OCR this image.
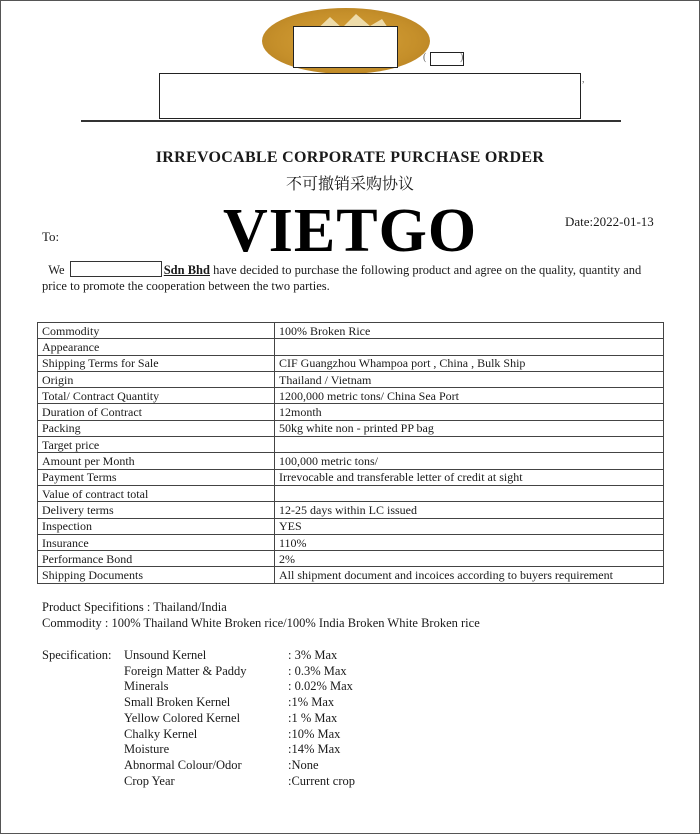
(	)
,
IRREVOCABLE CORPORATE PURCHASE ORDER
不可撤销采购协议
To:
Date:2022-01-13
VIETGO
We	Sdn Bhd have decided to purchase the following product and agree on the quality, quantity and price to promote the cooperation between the two parties.
Commodity	100% Broken Rice
Appearance	
Shipping Terms for Sale	CIF Guangzhou Whampoa port , China , Bulk Ship
Origin	Thailand / Vietnam
Total/ Contract Quantity	1200,000 metric tons/ China Sea Port
Duration of Contract	12month
Packing	50kg white non - printed PP bag
Target price	
Amount per Month	100,000 metric tons/
Payment Terms	Irrevocable and transferable letter of credit at sight
Value of contract total	
Delivery terms	12-25 days within LC issued
Inspection	YES
Insurance	110%
Performance Bond	2%
Shipping Documents	All shipment document and incoices according to buyers requirement
Product Specifitions : Thailand/India
Commodity : 100% Thailand White Broken rice/100% India Broken White Broken rice
Specification: Unsound Kernel	: 3% Max
Foreign Matter & Paddy	: 0.3% Max
Minerals	: 0.02% Max
Small Broken Kernel	:1% Max
Yellow Colored Kernel	:1 % Max
Chalky Kernel	:10% Max
Moisture	:14% Max
Abnormal Colour/Odor	:None
Crop Year	:Current crop
